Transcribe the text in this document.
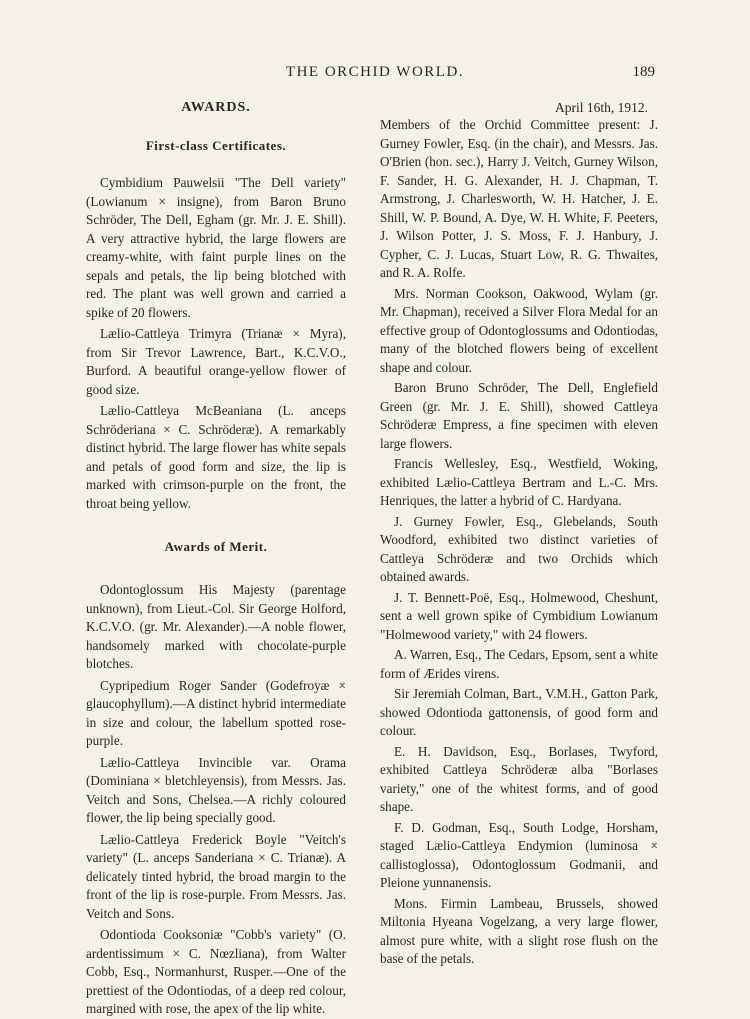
THE ORCHID WORLD.	189
AWARDS.
First-class Certificates.

Cymbidium Pauwelsii "The Dell variety" (Lowianum × insigne), from Baron Bruno Schröder, The Dell, Egham (gr. Mr. J. E. Shill). A very attractive hybrid, the large flowers are creamy-white, with faint purple lines on the sepals and petals, the lip being blotched with red. The plant was well grown and carried a spike of 20 flowers.

Lælio-Cattleya Trimyra (Trianæ × Myra), from Sir Trevor Lawrence, Bart., K.C.V.O., Burford. A beautiful orange-yellow flower of good size.

Lælio-Cattleya McBeaniana (L. anceps Schröderiana × C. Schröderæ). A remarkably distinct hybrid. The large flower has white sepals and petals of good form and size, the lip is marked with crimson-purple on the front, the throat being yellow.

Awards of Merit.

Odontoglossum His Majesty (parentage unknown), from Lieut.-Col. Sir George Holford, K.C.V.O. (gr. Mr. Alexander).—A noble flower, handsomely marked with chocolate-purple blotches.

Cypripedium Roger Sander (Godefroyæ × glaucophyllum).—A distinct hybrid intermediate in size and colour, the labellum spotted rose-purple.

Lælio-Cattleya Invincible var. Orama (Dominiana × bletchleyensis), from Messrs. Jas. Veitch and Sons, Chelsea.—A richly coloured flower, the lip being specially good.

Lælio-Cattleya Frederick Boyle "Veitch's variety" (L. anceps Sanderiana × C. Trianæ). A delicately tinted hybrid, the broad margin to the front of the lip is rose-purple. From Messrs. Jas. Veitch and Sons.

Odontioda Cooksoniæ "Cobb's variety" (O. ardentissimum × C. Nœzliana), from Walter Cobb, Esq., Normanhurst, Rusper.—One of the prettiest of the Odontiodas, of a deep red colour, margined with rose, the apex of the lip white.

April 16th, 1912.

Members of the Orchid Committee present: J. Gurney Fowler, Esq. (in the chair), and Messrs. Jas. O'Brien (hon. sec.), Harry J. Veitch, Gurney Wilson, F. Sander, H. G. Alexander, H. J. Chapman, T. Armstrong, J. Charlesworth, W. H. Hatcher, J. E. Shill, W. P. Bound, A. Dye, W. H. White, F. Peeters, J. Wilson Potter, J. S. Moss, F. J. Hanbury, J. Cypher, C. J. Lucas, Stuart Low, R. G. Thwaites, and R. A. Rolfe.

Mrs. Norman Cookson, Oakwood, Wylam (gr. Mr. Chapman), received a Silver Flora Medal for an effective group of Odontoglossums and Odontiodas, many of the blotched flowers being of excellent shape and colour.

Baron Bruno Schröder, The Dell, Englefield Green (gr. Mr. J. E. Shill), showed Cattleya Schröderæ Empress, a fine specimen with eleven large flowers.

Francis Wellesley, Esq., Westfield, Woking, exhibited Lælio-Cattleya Bertram and L.-C. Mrs. Henriques, the latter a hybrid of C. Hardyana.

J. Gurney Fowler, Esq., Glebelands, South Woodford, exhibited two distinct varieties of Cattleya Schröderæ and two Orchids which obtained awards.

J. T. Bennett-Poë, Esq., Holmewood, Cheshunt, sent a well grown spike of Cymbidium Lowianum "Holmewood variety," with 24 flowers.

A. Warren, Esq., The Cedars, Epsom, sent a white form of Ærides virens.

Sir Jeremiah Colman, Bart., V.M.H., Gatton Park, showed Odontioda gattonensis, of good form and colour.

E. H. Davidson, Esq., Borlases, Twyford, exhibited Cattleya Schröderæ alba "Borlases variety," one of the whitest forms, and of good shape.

F. D. Godman, Esq., South Lodge, Horsham, staged Lælio-Cattleya Endymion (luminosa × callistoglossa), Odontoglossum Godmanii, and Pleione yunnanensis.

Mons. Firmin Lambeau, Brussels, showed Miltonia Hyeana Vogelzang, a very large flower, almost pure white, with a slight rose flush on the base of the petals.
